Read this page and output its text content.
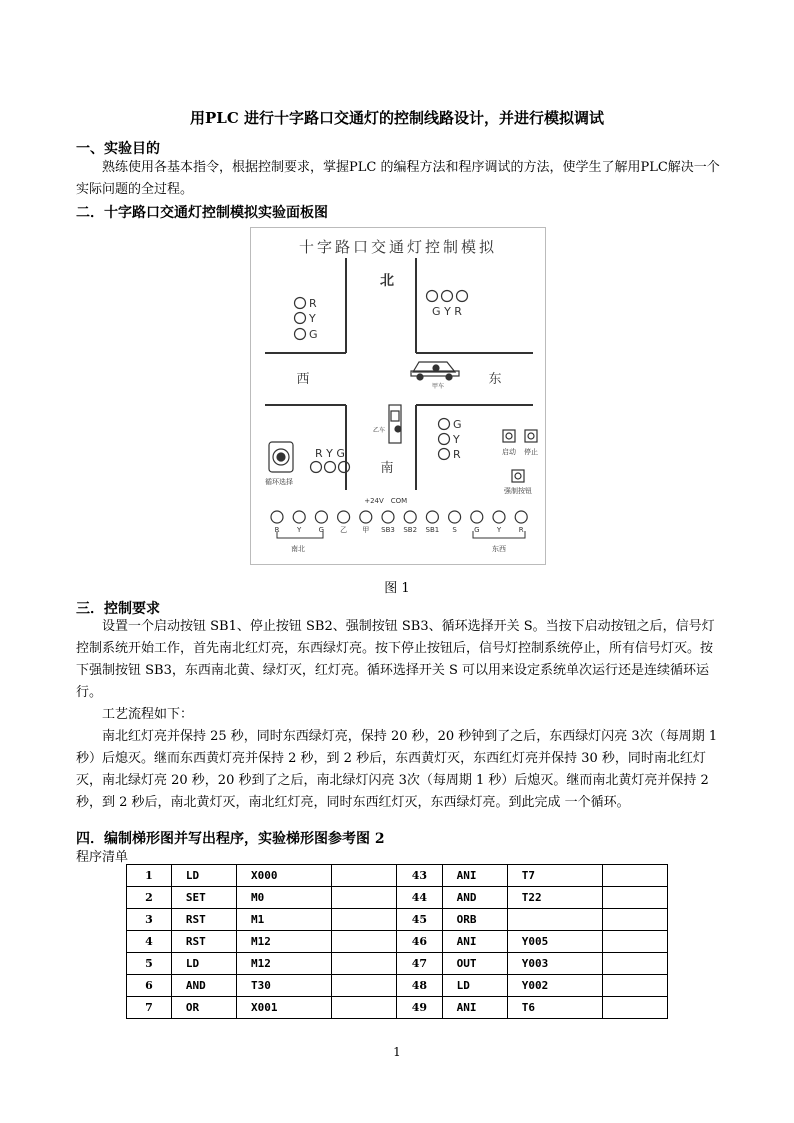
用PLC 进行十字路口交通灯的控制线路设计，并进行模拟调试
一、实验目的
熟练使用各基本指令，根据控制要求，掌握PLC 的编程方法和程序调试的方法，使学生了解用PLC解决一个实际问题的全过程。
二．十字路口交通灯控制模拟实验面板图
十字路口交通灯控制模拟
北
西	东
南
R
Y
G
G Y R
甲车
乙车	G
Y
R
R Y G
循环选择
启动 停止
强制按钮
+24V COM
R	Y G 乙 甲 SB3 SB2 SB1 S G Y	R
南北	东西
图 1
三．控制要求
设置一个启动按钮 SB1、停止按钮 SB2、强制按钮 SB3、循环选择开关 S。当按下启动按钮之后，信号灯控制系统开始工作，首先南北红灯亮，东西绿灯亮。按下停止按钮后，信号灯控制系统停止，所有信号灯灭。按下强制按钮 SB3，东西南北黄、绿灯灭，红灯亮。循环选择开关 S 可以用来设定系统单次运行还是连续循环运行。
工艺流程如下：
南北红灯亮并保持 25 秒，同时东西绿灯亮，保持 20 秒，20 秒钟到了之后，东西绿灯闪亮 3次（每周期 1 秒）后熄灭。继而东西黄灯亮并保持 2 秒，到 2 秒后，东西黄灯灭，东西红灯亮并保持 30 秒，同时南北红灯灭，南北绿灯亮 20 秒，20 秒到了之后，南北绿灯闪亮 3次（每周期 1 秒）后熄灭。继而南北黄灯亮并保持 2秒，到 2 秒后，南北黄灯灭，南北红灯亮，同时东西红灯灭，东西绿灯亮。到此完成 一个循环。
四．编制梯形图并写出程序，实验梯形图参考图 2
程序清单
1	LD	X000		43	ANI	T7	
2	SET	M0		44	AND	T22	
3	RST	M1		45	ORB		
4	RST	M12		46	ANI	Y005	
5	LD	M12		47	OUT	Y003	
6	AND	T30		48	LD	Y002	
7	OR	X001		49	ANI	T6	
1
